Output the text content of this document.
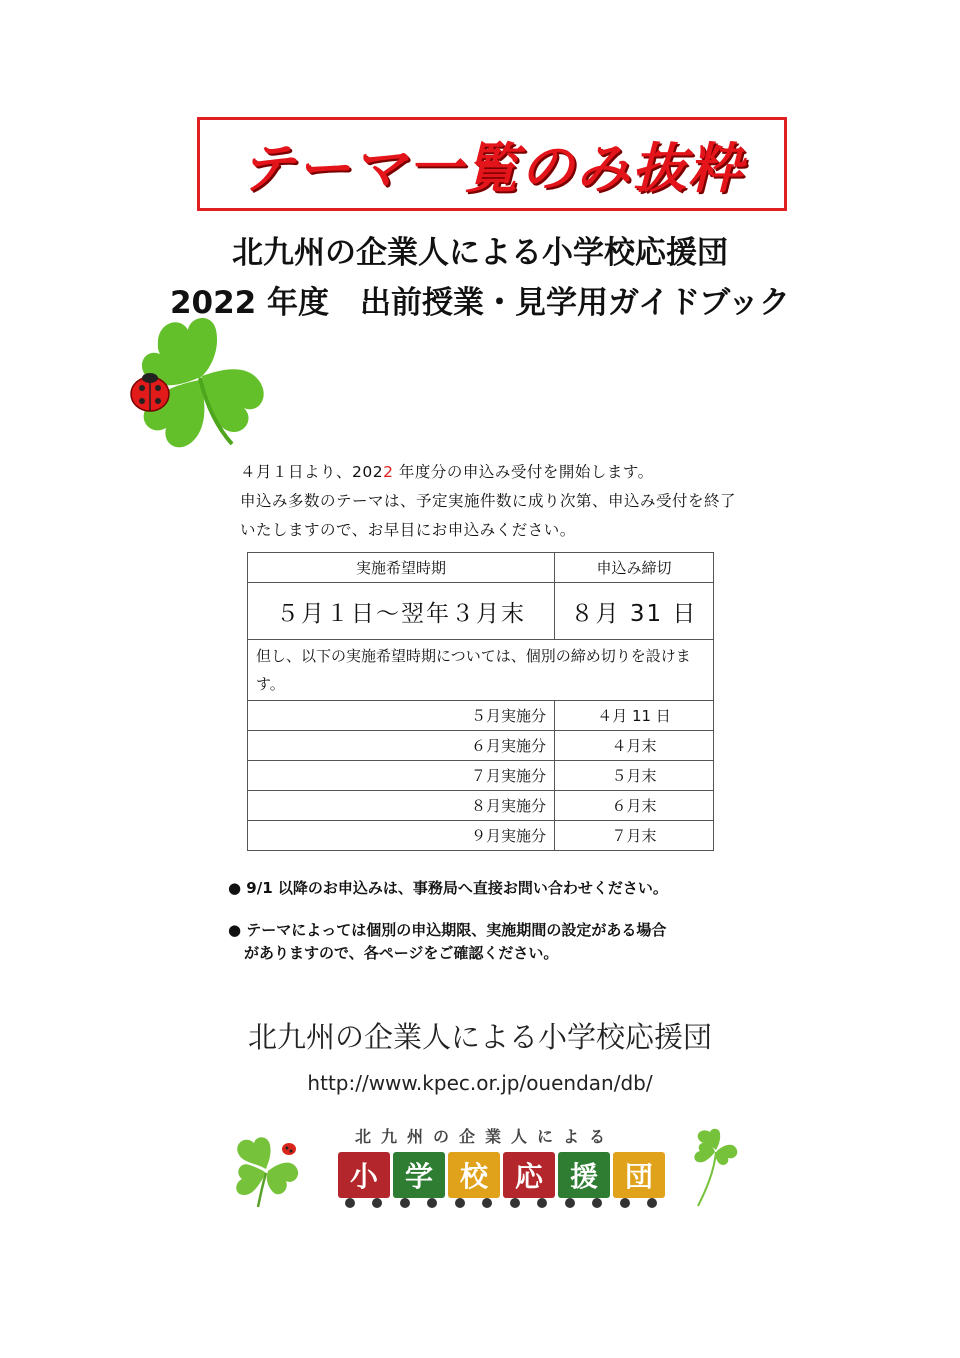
テーマ一覧のみ抜粋
北九州の企業人による小学校応援団
2022 年度　出前授業・見学用ガイドブック
４月１日より、2022 年度分の申込み受付を開始します。
申込み多数のテーマは、予定実施件数に成り次第、申込み受付を終了
いたしますので、お早目にお申込みください。
実施希望時期	申込み締切
５月１日～翌年３月末	８月 31 日
但し、以下の実施希望時期については、個別の締め切りを設けます。	
５月実施分	４月 11 日
６月実施分	４月末
７月実施分	５月末
８月実施分	６月末
９月実施分	７月末
● 9/1 以降のお申込みは、事務局へ直接お問い合わせください。
● テーマによっては個別の申込期限、実施期間の設定がある場合
がありますので、各ページをご確認ください。
北九州の企業人による小学校応援団
http://www.kpec.or.jp/ouendan/db/
北九州の企業人による
小 学 校 応 援 団
